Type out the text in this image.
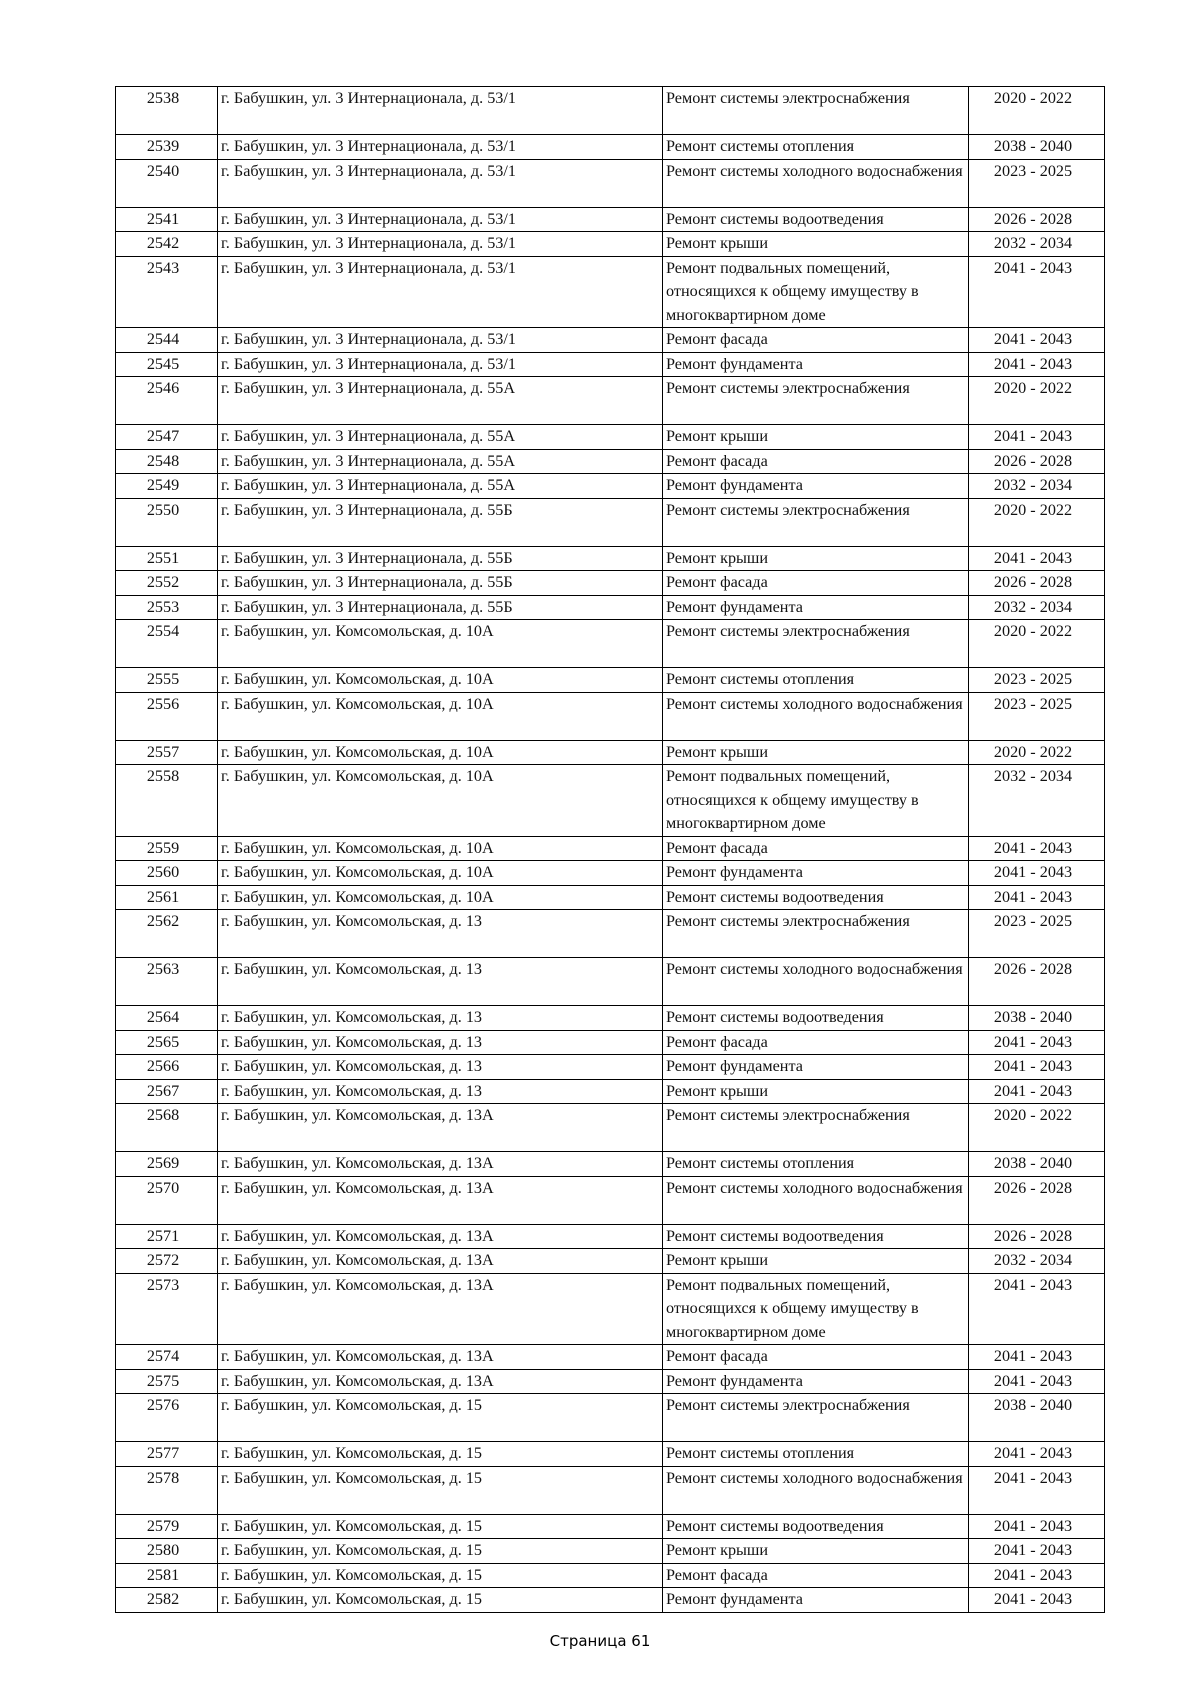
2538	г. Бабушкин, ул. 3 Интернационала, д. 53/1	Ремонт системы электроснабжения	2020 - 2022
2539	г. Бабушкин, ул. 3 Интернационала, д. 53/1	Ремонт системы отопления	2038 - 2040
2540	г. Бабушкин, ул. 3 Интернационала, д. 53/1	Ремонт системы холодного водоснабжения	2023 - 2025
2541	г. Бабушкин, ул. 3 Интернационала, д. 53/1	Ремонт системы водоотведения	2026 - 2028
2542	г. Бабушкин, ул. 3 Интернационала, д. 53/1	Ремонт крыши	2032 - 2034
2543	г. Бабушкин, ул. 3 Интернационала, д. 53/1	Ремонт подвальных помещений, относящихся к общему имуществу в многоквартирном доме	2041 - 2043
2544	г. Бабушкин, ул. 3 Интернационала, д. 53/1	Ремонт фасада	2041 - 2043
2545	г. Бабушкин, ул. 3 Интернационала, д. 53/1	Ремонт фундамента	2041 - 2043
2546	г. Бабушкин, ул. 3 Интернационала, д. 55А	Ремонт системы электроснабжения	2020 - 2022
2547	г. Бабушкин, ул. 3 Интернационала, д. 55А	Ремонт крыши	2041 - 2043
2548	г. Бабушкин, ул. 3 Интернационала, д. 55А	Ремонт фасада	2026 - 2028
2549	г. Бабушкин, ул. 3 Интернационала, д. 55А	Ремонт фундамента	2032 - 2034
2550	г. Бабушкин, ул. 3 Интернационала, д. 55Б	Ремонт системы электроснабжения	2020 - 2022
2551	г. Бабушкин, ул. 3 Интернационала, д. 55Б	Ремонт крыши	2041 - 2043
2552	г. Бабушкин, ул. 3 Интернационала, д. 55Б	Ремонт фасада	2026 - 2028
2553	г. Бабушкин, ул. 3 Интернационала, д. 55Б	Ремонт фундамента	2032 - 2034
2554	г. Бабушкин, ул. Комсомольская, д. 10А	Ремонт системы электроснабжения	2020 - 2022
2555	г. Бабушкин, ул. Комсомольская, д. 10А	Ремонт системы отопления	2023 - 2025
2556	г. Бабушкин, ул. Комсомольская, д. 10А	Ремонт системы холодного водоснабжения	2023 - 2025
2557	г. Бабушкин, ул. Комсомольская, д. 10А	Ремонт крыши	2020 - 2022
2558	г. Бабушкин, ул. Комсомольская, д. 10А	Ремонт подвальных помещений, относящихся к общему имуществу в многоквартирном доме	2032 - 2034
2559	г. Бабушкин, ул. Комсомольская, д. 10А	Ремонт фасада	2041 - 2043
2560	г. Бабушкин, ул. Комсомольская, д. 10А	Ремонт фундамента	2041 - 2043
2561	г. Бабушкин, ул. Комсомольская, д. 10А	Ремонт системы водоотведения	2041 - 2043
2562	г. Бабушкин, ул. Комсомольская, д. 13	Ремонт системы электроснабжения	2023 - 2025
2563	г. Бабушкин, ул. Комсомольская, д. 13	Ремонт системы холодного водоснабжения	2026 - 2028
2564	г. Бабушкин, ул. Комсомольская, д. 13	Ремонт системы водоотведения	2038 - 2040
2565	г. Бабушкин, ул. Комсомольская, д. 13	Ремонт фасада	2041 - 2043
2566	г. Бабушкин, ул. Комсомольская, д. 13	Ремонт фундамента	2041 - 2043
2567	г. Бабушкин, ул. Комсомольская, д. 13	Ремонт крыши	2041 - 2043
2568	г. Бабушкин, ул. Комсомольская, д. 13А	Ремонт системы электроснабжения	2020 - 2022
2569	г. Бабушкин, ул. Комсомольская, д. 13А	Ремонт системы отопления	2038 - 2040
2570	г. Бабушкин, ул. Комсомольская, д. 13А	Ремонт системы холодного водоснабжения	2026 - 2028
2571	г. Бабушкин, ул. Комсомольская, д. 13А	Ремонт системы водоотведения	2026 - 2028
2572	г. Бабушкин, ул. Комсомольская, д. 13А	Ремонт крыши	2032 - 2034
2573	г. Бабушкин, ул. Комсомольская, д. 13А	Ремонт подвальных помещений, относящихся к общему имуществу в многоквартирном доме	2041 - 2043
2574	г. Бабушкин, ул. Комсомольская, д. 13А	Ремонт фасада	2041 - 2043
2575	г. Бабушкин, ул. Комсомольская, д. 13А	Ремонт фундамента	2041 - 2043
2576	г. Бабушкин, ул. Комсомольская, д. 15	Ремонт системы электроснабжения	2038 - 2040
2577	г. Бабушкин, ул. Комсомольская, д. 15	Ремонт системы отопления	2041 - 2043
2578	г. Бабушкин, ул. Комсомольская, д. 15	Ремонт системы холодного водоснабжения	2041 - 2043
2579	г. Бабушкин, ул. Комсомольская, д. 15	Ремонт системы водоотведения	2041 - 2043
2580	г. Бабушкин, ул. Комсомольская, д. 15	Ремонт крыши	2041 - 2043
2581	г. Бабушкин, ул. Комсомольская, д. 15	Ремонт фасада	2041 - 2043
2582	г. Бабушкин, ул. Комсомольская, д. 15	Ремонт фундамента	2041 - 2043
Страница 61
